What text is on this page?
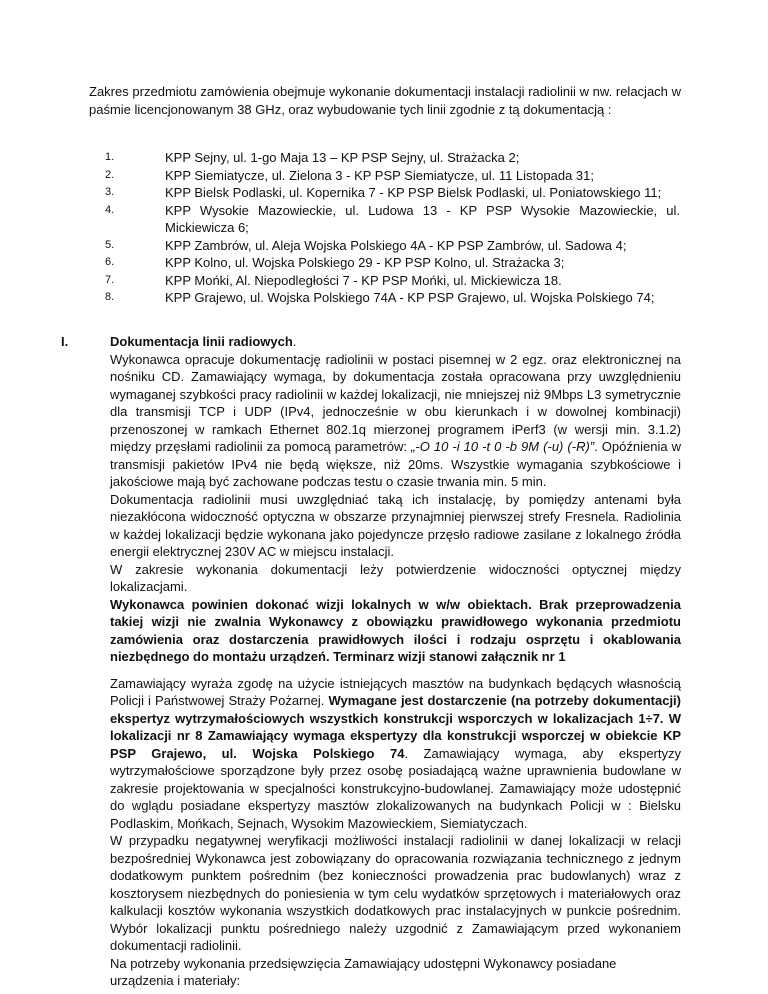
Zakres przedmiotu zamówienia obejmuje wykonanie dokumentacji instalacji radiolinii w nw. relacjach w paśmie licencjonowanym 38 GHz, oraz wybudowanie tych linii zgodnie z tą dokumentacją :
1.	KPP Sejny, ul. 1-go Maja 13 – KP PSP Sejny, ul. Strażacka 2;
2.	KPP Siemiatycze, ul. Zielona 3 - KP PSP Siemiatycze, ul. 11 Listopada 31;
3.	KPP Bielsk Podlaski, ul. Kopernika 7 - KP PSP Bielsk Podlaski, ul. Poniatowskiego 11;
4.	KPP Wysokie Mazowieckie, ul. Ludowa 13 - KP PSP Wysokie Mazowieckie, ul. Mickiewicza 6;
5.	KPP Zambrów, ul. Aleja Wojska Polskiego 4A - KP PSP Zambrów, ul. Sadowa 4;
6.	KPP Kolno, ul. Wojska Polskiego 29 - KP PSP Kolno, ul. Strażacka 3;
7.	KPP Mońki, Al. Niepodległości 7 - KP PSP Mońki, ul. Mickiewicza 18.
8.	KPP Grajewo, ul. Wojska Polskiego 74A - KP PSP Grajewo, ul. Wojska Polskiego 74;
I.	Dokumentacja linii radiowych.

Wykonawca opracuje dokumentację radiolinii w postaci pisemnej w 2 egz. oraz elektronicznej na nośniku CD. Zamawiający wymaga, by dokumentacja została opracowana przy uwzględnieniu wymaganej szybkości pracy radiolinii w każdej lokalizacji, nie mniejszej niż 9Mbps L3 symetrycznie dla transmisji TCP i UDP (IPv4, jednocześnie w obu kierunkach i w dowolnej kombinacji) przenoszonej w ramkach Ethernet 802.1q mierzonej programem iPerf3 (w wersji min. 3.1.2) między przęsłami radiolinii za pomocą parametrów: „-O 10 -i 10 -t 0 -b 9M (-u) (-R)”. Opóźnienia w transmisji pakietów IPv4 nie będą większe, niż 20ms. Wszystkie wymagania szybkościowe i jakościowe mają być zachowane podczas testu o czasie trwania min. 5 min.

Dokumentacja radiolinii musi uwzględniać taką ich instalację, by pomiędzy antenami była niezakłócona widoczność optyczna w obszarze przynajmniej pierwszej strefy Fresnela. Radiolinia w każdej lokalizacji będzie wykonana jako pojedyncze przęsło radiowe zasilane z lokalnego źródła energii elektrycznej 230V AC w miejscu instalacji.

W zakresie wykonania dokumentacji leży potwierdzenie widoczności optycznej między lokalizacjami.

Wykonawca powinien dokonać wizji lokalnych w w/w obiektach. Brak przeprowadzenia takiej wizji nie zwalnia Wykonawcy z obowiązku prawidłowego wykonania przedmiotu zamówienia oraz dostarczenia prawidłowych ilości i rodzaju osprzętu i okablowania niezbędnego do montażu urządzeń. Terminarz wizji stanowi załącznik nr 1

Zamawiający wyraża zgodę na użycie istniejących masztów na budynkach będących własnością Policji i Państwowej Straży Pożarnej. Wymagane jest dostarczenie (na potrzeby dokumentacji) ekspertyz wytrzymałościowych wszystkich konstrukcji wsporczych w lokalizacjach 1÷7. W lokalizacji nr 8 Zamawiający wymaga ekspertyzy dla konstrukcji wsporczej w obiekcie KP PSP Grajewo, ul. Wojska Polskiego 74. Zamawiający wymaga, aby ekspertyzy wytrzymałościowe sporządzone były przez osobę posiadającą ważne uprawnienia budowlane w zakresie projektowania w specjalności konstrukcyjno-budowlanej. Zamawiający może udostępnić do wglądu posiadane ekspertyzy masztów zlokalizowanych na budynkach Policji w : Bielsku Podlaskim, Mońkach, Sejnach, Wysokim Mazowieckiem, Siemiatyczach.

W przypadku negatywnej weryfikacji możliwości instalacji radiolinii w danej lokalizacji w relacji bezpośredniej Wykonawca jest zobowiązany do opracowania rozwiązania technicznego z jednym dodatkowym punktem pośrednim (bez konieczności prowadzenia prac budowlanych) wraz z kosztorysem niezbędnych do poniesienia w tym celu wydatków sprzętowych i materiałowych oraz kalkulacji kosztów wykonania wszystkich dodatkowych prac instalacyjnych w punkcie pośrednim. Wybór lokalizacji punktu pośredniego należy uzgodnić z Zamawiającym przed wykonaniem dokumentacji radiolinii.

Na potrzeby wykonania przedsięwzięcia Zamawiający udostępni Wykonawcy posiadane urządzenia i materiały:
